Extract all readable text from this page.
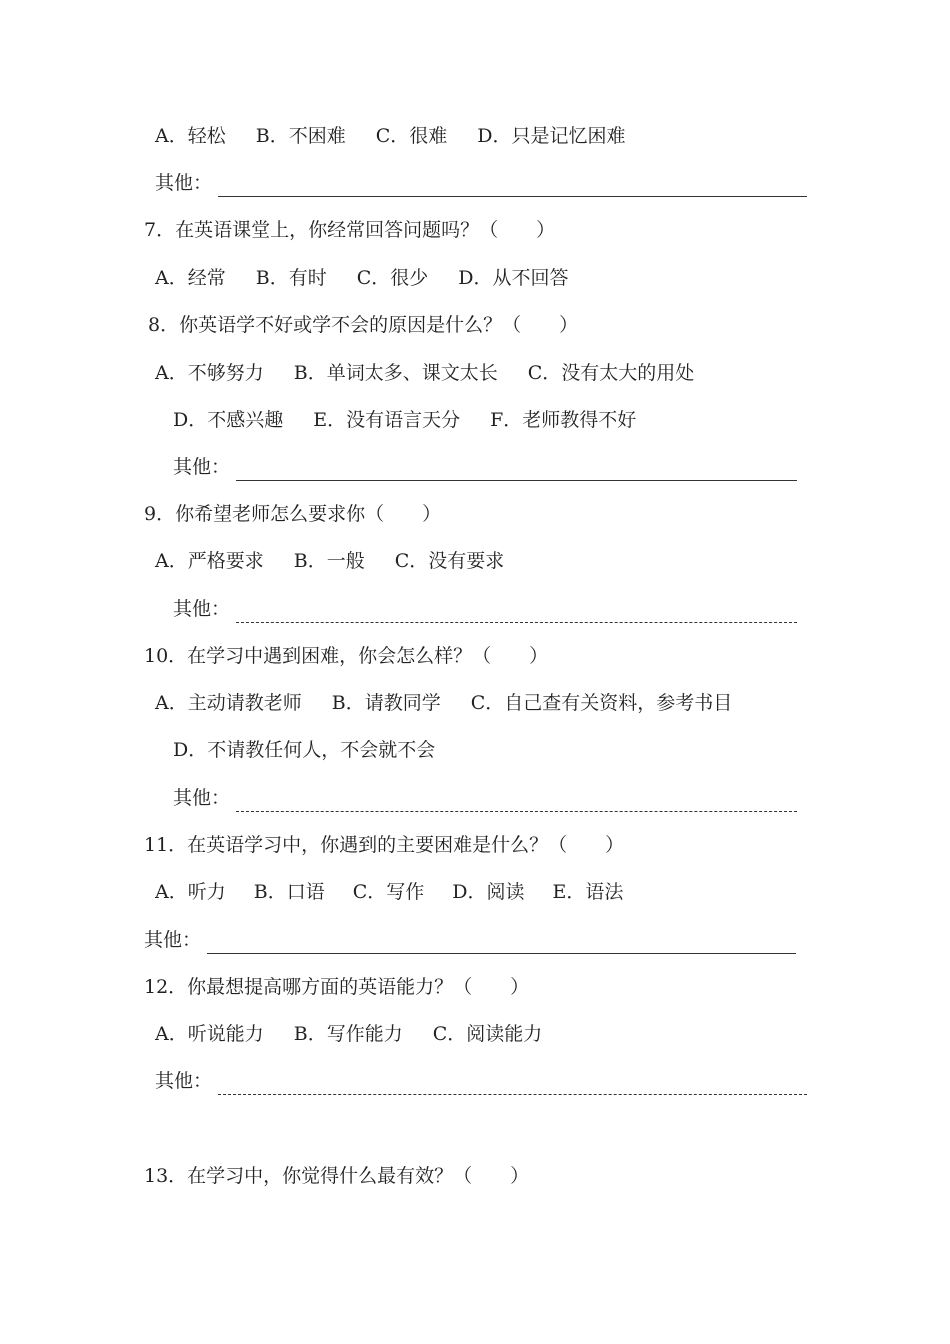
A．轻松 B．不困难 C．很难 D．只是记忆困难
其他：
7．在英语课堂上，你经常回答问题吗？（　　）
A．经常 B．有时 C．很少 D．从不回答
8．你英语学不好或学不会的原因是什么？（　　）
A．不够努力 B．单词太多、课文太长 C．没有太大的用处
D．不感兴趣 E．没有语言天分 F．老师教得不好
其他：
9．你希望老师怎么要求你（　　）
A．严格要求 B．一般 C．没有要求
其他：
10．在学习中遇到困难，你会怎么样？（　　）
A．主动请教老师 B．请教同学 C．自己查有关资料，参考书目
D．不请教任何人，不会就不会
其他：
11．在英语学习中，你遇到的主要困难是什么？（　　）
A．听力 B．口语 C．写作 D．阅读 E．语法
其他：
12．你最想提高哪方面的英语能力？（　　）
A．听说能力 B．写作能力 C．阅读能力
其他：
13．在学习中，你觉得什么最有效？（　　）
